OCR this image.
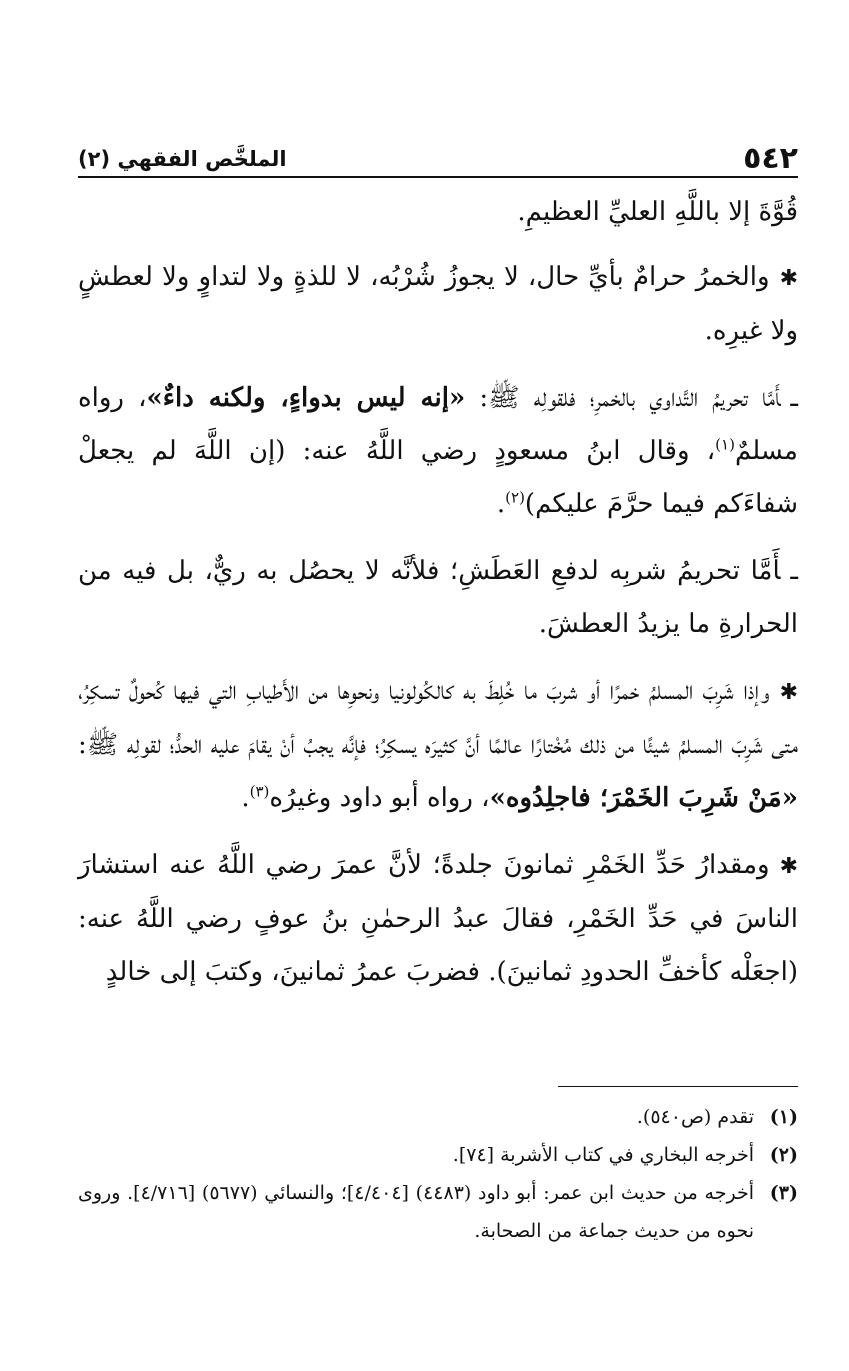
٥٤٢
الملخَّص الفقهي (٢)

قُوَّةَ إلا باللَّهِ العليِّ العظيمِ.

✱والخمرُ حرامٌ بأيِّ حال، لا يجوزُ شُرْبُه، لا للذةٍ ولا لتداوٍ ولا لعطشٍ ولا غيرِه.

ـأَمَّا تحريمُ التَّداوي بالخمرِ؛ فلقولِه ﷺ: «إنه ليس بدواءٍ، ولكنه داءٌ»، رواه مسلمٌ$^{(١)}$، وقال ابنُ مسعودٍ رضي اللَّهُ عنه: (إن اللَّهَ لم يجعلْ شفاءَكم فيما حرَّمَ عليكم)$^{(٢)}$.

ـأَمَّا تحريمُ شربِه لدفعِ العَطَشِ؛ فلأنَّه لا يحصُل به ريٌّ، بل فيه من الحرارةِ ما يزيدُ العطشَ.

✱وإذا شَرِبَ المسلمُ خمرًا أو شربَ ما خُلِطَ به كالكُولونيا ونحوِها من الأَطيابِ التي فيها كُحولٌ تسكِرُ، متى شَرِبَ المسلمُ شيئًا من ذلك مُخْتارًا عالمًا أنَّ كثيرَه يسكِرُ؛ فإنَّه يجبُ أنْ يقامَ عليه الحدُّ؛ لقولِه ﷺ: «مَنْ شَرِبَ الخَمْرَ؛ فاجلِدُوه»، رواه أبو داود وغيرُه$^{(٣)}$.

✱ومقدارُ حَدِّ الخَمْرِ ثمانونَ جلدةً؛ لأنَّ عمرَ رضي اللَّهُ عنه استشارَ الناسَ في حَدِّ الخَمْرِ، فقالَ عبدُ الرحمٰنِ بنُ عوفٍ رضي اللَّهُ عنه: (اجعَلْه كأخفِّ الحدودِ ثمانينَ). فضربَ عمرُ ثمانينَ، وكتبَ إلى خالدٍ

(١)
تقدم (ص٥٤٠).
(٢)
أخرجه البخاري في كتاب الأشربة [٧٤].
(٣)
أخرجه من حديث ابن عمر: أبو داود (٤٤٨٣) [٤/٤٠٤]؛ والنسائي (٥٦٧٧) [٤/٧١٦]. وروى نحوه من حديث جماعة من الصحابة.
